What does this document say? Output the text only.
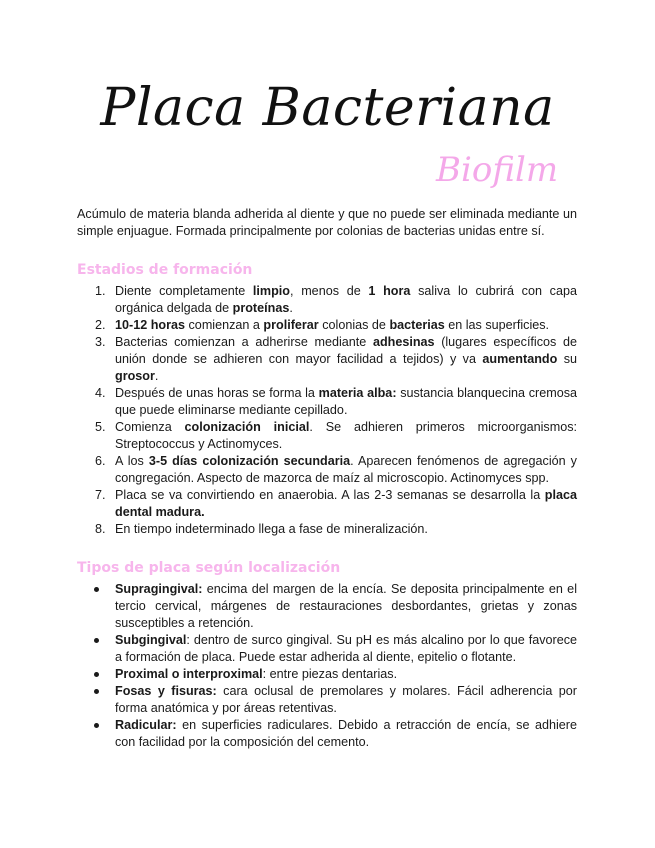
Placa Bacteriana
Biofilm

Acúmulo de materia blanda adherida al diente y que no puede ser eliminada mediante un simple enjuague. Formada principalmente por colonias de bacterias unidas entre sí.

Estadios de formación
1. Diente completamente limpio, menos de 1 hora saliva lo cubrirá con capa orgánica delgada de proteínas.
2. 10-12 horas comienzan a proliferar colonias de bacterias en las superficies.
3. Bacterias comienzan a adherirse mediante adhesinas (lugares específicos de unión donde se adhieren con mayor facilidad a tejidos) y va aumentando su grosor.
4. Después de unas horas se forma la materia alba: sustancia blanquecina cremosa que puede eliminarse mediante cepillado.
5. Comienza colonización inicial. Se adhieren primeros microorganismos: Streptococcus y Actinomyces.
6. A los 3-5 días colonización secundaria. Aparecen fenómenos de agregación y congregación. Aspecto de mazorca de maíz al microscopio. Actinomyces spp.
7. Placa se va convirtiendo en anaerobia. A las 2-3 semanas se desarrolla la placa dental madura.
8. En tiempo indeterminado llega a fase de mineralización.
Tipos de placa según localización
Supragingival: encima del margen de la encía. Se deposita principalmente en el tercio cervical, márgenes de restauraciones desbordantes, grietas y zonas susceptibles a retención.
Subgingival: dentro de surco gingival. Su pH es más alcalino por lo que favorece a formación de placa. Puede estar adherida al diente, epitelio o flotante.
Proximal o interproximal: entre piezas dentarias.
Fosas y fisuras: cara oclusal de premolares y molares. Fácil adherencia por forma anatómica y por áreas retentivas.
Radicular: en superficies radiculares. Debido a retracción de encía, se adhiere con facilidad por la composición del cemento.
